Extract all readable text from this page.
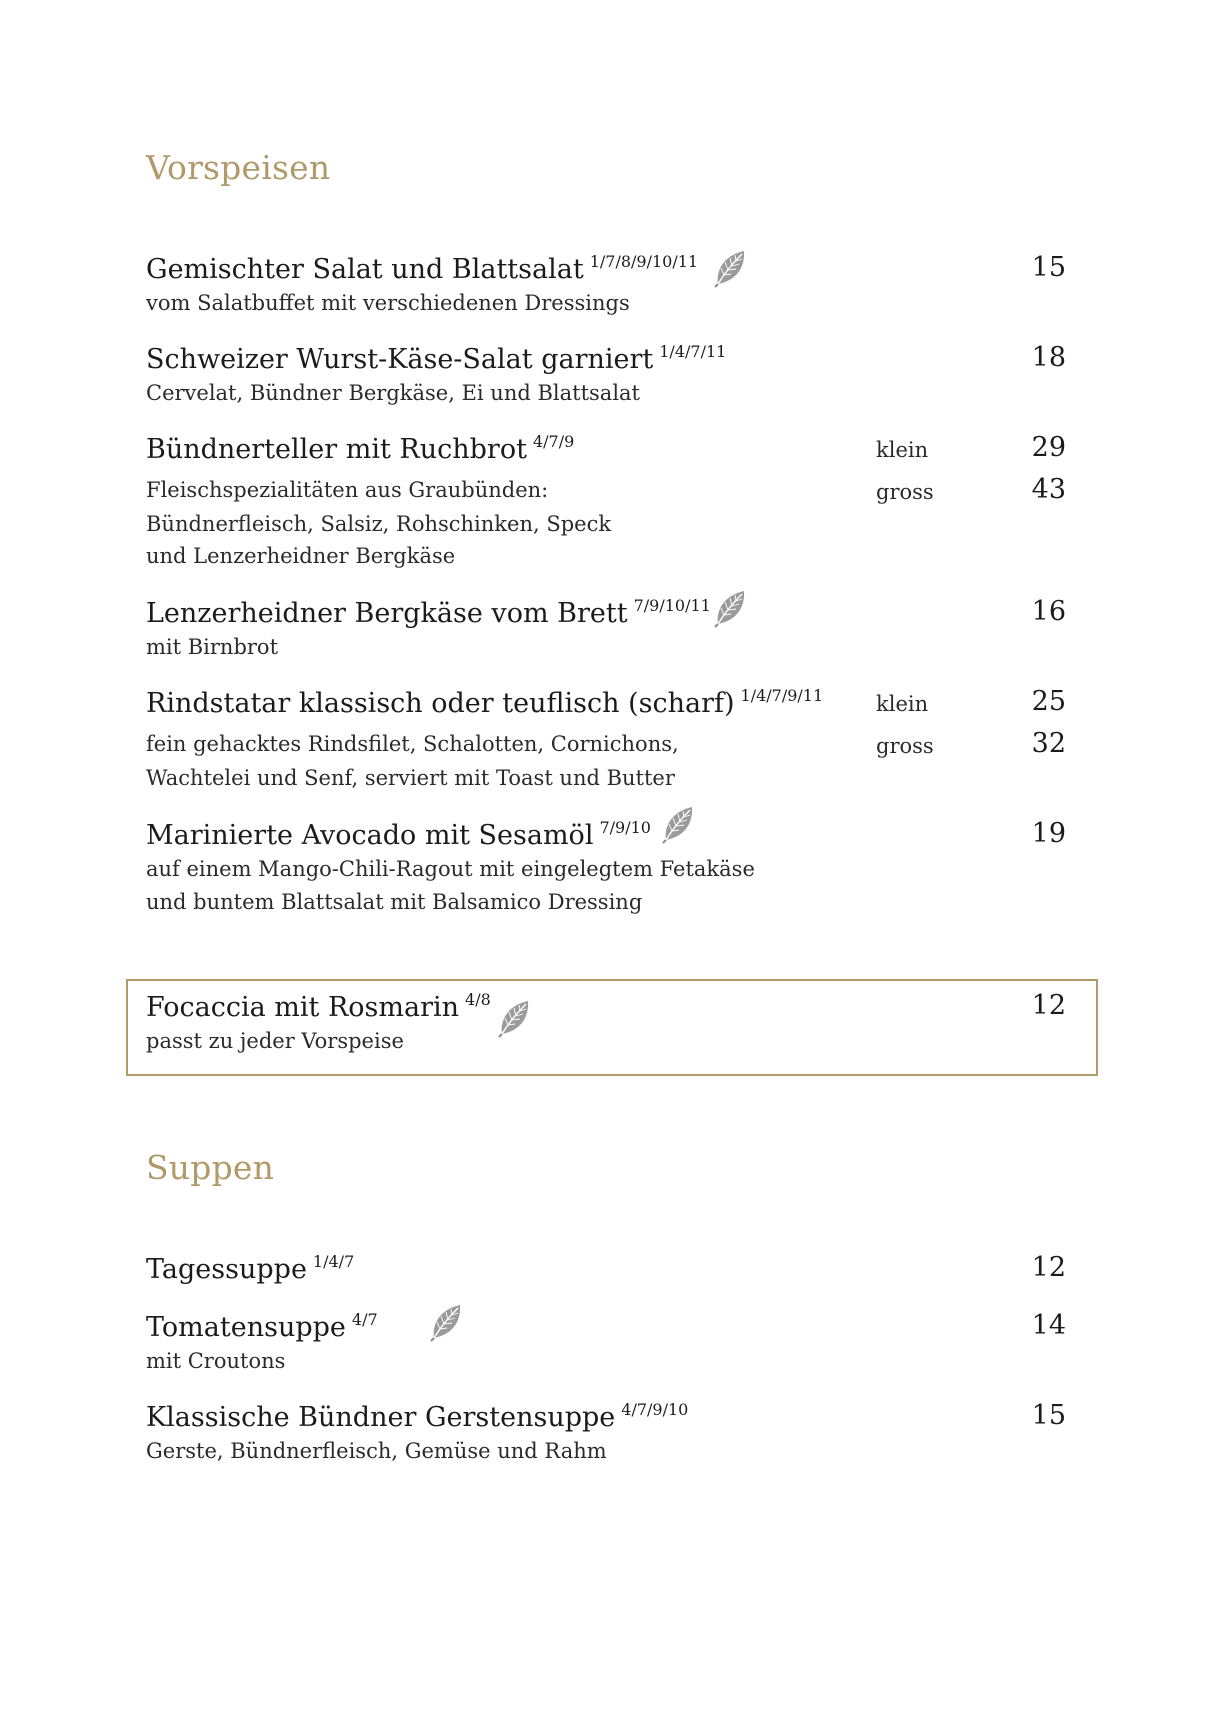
Vorspeisen
Gemischter Salat und Blattsalat $^{1/7/8/9/10/11}$
vom Salatbuffet mit verschiedenen Dressings
15
Schweizer Wurst-Käse-Salat garniert $^{1/4/7/11}$
Cervelat, Bündner Bergkäse, Ei und Blattsalat
18
Bündnerteller mit Ruchbrot $^{4/7/9}$
Fleischspezialitäten aus Graubünden:
Bündnerfleisch, Salsiz, Rohschinken, Speck
und Lenzerheidner Bergkäse
klein	29
gross	43
Lenzerheidner Bergkäse vom Brett $^{7/9/10/11}$
mit Birnbrot
16
Rindstatar klassisch oder teuflisch (scharf) $^{1/4/7/9/11}$
fein gehacktes Rindsfilet, Schalotten, Cornichons,
Wachtelei und Senf, serviert mit Toast und Butter
klein	25
gross	32
Marinierte Avocado mit Sesamöl $^{7/9/10}$
auf einem Mango-Chili-Ragout mit eingelegtem Fetakäse
und buntem Blattsalat mit Balsamico Dressing
19
Focaccia mit Rosmarin $^{4/8}$
passt zu jeder Vorspeise
12
Suppen
Tagessuppe $^{1/4/7}$	12
Tomatensuppe $^{4/7}$
mit Croutons
14
Klassische Bündner Gerstensuppe $^{4/7/9/10}$
Gerste, Bündnerfleisch, Gemüse und Rahm
15
